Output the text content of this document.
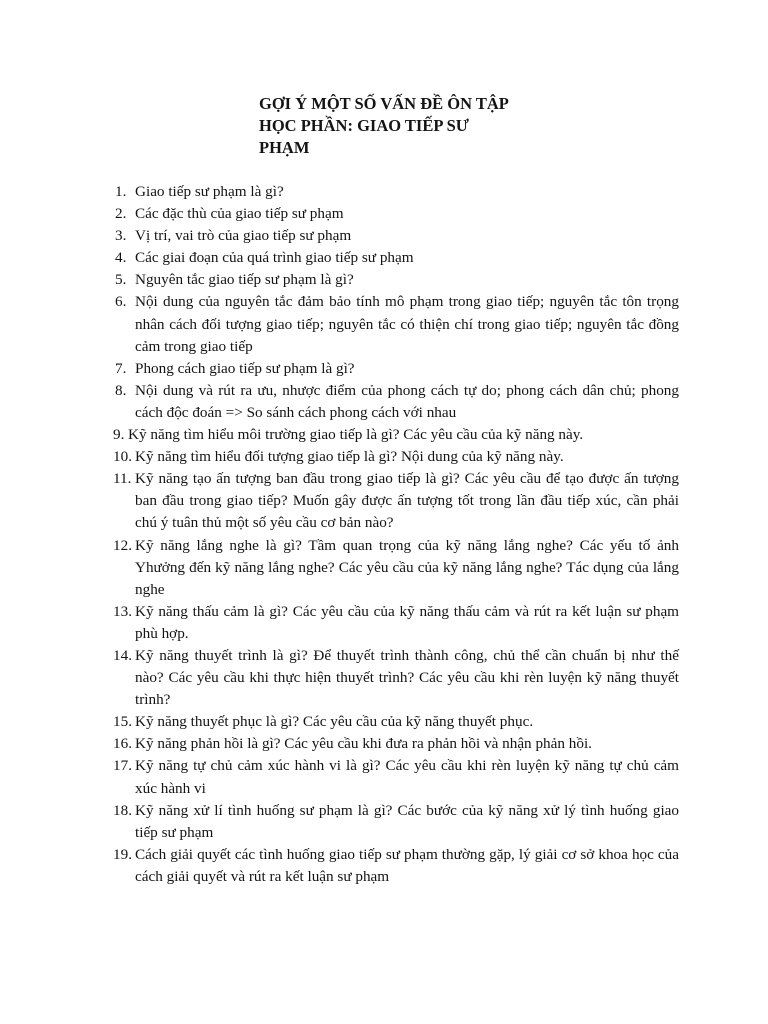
GỢI Ý MỘT SỐ VẤN ĐỀ ÔN TẬP
HỌC PHẦN: GIAO TIẾP SƯ
PHẠM
1. Giao tiếp sư phạm là gì?
2. Các đặc thù của giao tiếp sư phạm
3. Vị trí, vai trò của giao tiếp sư phạm
4. Các giai đoạn của quá trình giao tiếp sư phạm
5. Nguyên tắc giao tiếp sư phạm là gì?
6. Nội dung của nguyên tắc đảm bảo tính mô phạm trong giao tiếp; nguyên tắc tôn trọng nhân cách đối tượng giao tiếp; nguyên tắc có thiện chí trong giao tiếp; nguyên tắc đồng cảm trong giao tiếp
7. Phong cách giao tiếp sư phạm là gì?
8. Nội dung và rút ra ưu, nhược điểm của phong cách tự do; phong cách dân chủ; phong cách độc đoán => So sánh cách phong cách với nhau
9. Kỹ năng tìm hiểu môi trường giao tiếp là gì? Các yêu cầu của kỹ năng này.
10. Kỹ năng tìm hiểu đối tượng giao tiếp là gì? Nội dung của kỹ năng này.
11. Kỹ năng tạo ấn tượng ban đầu trong giao tiếp là gì? Các yêu cầu để tạo được ấn tượng ban đầu trong giao tiếp? Muốn gây được ấn tượng tốt trong lần đầu tiếp xúc, cần phải chú ý tuân thủ một số yêu cầu cơ bản nào?
12. Kỹ năng lắng nghe là gì? Tầm quan trọng của kỹ năng lắng nghe? Các yếu tố ảnh Yhưởng đến kỹ năng lắng nghe? Các yêu cầu của kỹ năng lắng nghe? Tác dụng của lắng nghe
13. Kỹ năng thấu cảm là gì? Các yêu cầu của kỹ năng thấu cảm và rút ra kết luận sư phạm phù hợp.
14. Kỹ năng thuyết trình là gì? Để thuyết trình thành công, chủ thể cần chuẩn bị như thế nào? Các yêu cầu khi thực hiện thuyết trình? Các yêu cầu khi rèn luyện kỹ năng thuyết trình?
15. Kỹ năng thuyết phục là gì? Các yêu cầu của kỹ năng thuyết phục.
16. Kỹ năng phản hồi là gì? Các yêu cầu khi đưa ra phản hồi và nhận phản hồi.
17. Kỹ năng tự chủ cảm xúc hành vi là gì? Các yêu cầu khi rèn luyện kỹ năng tự chủ cảm xúc hành vi
18. Kỹ năng xử lí tình huống sư phạm là gì? Các bước của kỹ năng xử lý tình huống giao tiếp sư phạm
19. Cách giải quyết các tình huống giao tiếp sư phạm thường gặp, lý giải cơ sở khoa học của cách giải quyết và rút ra kết luận sư phạm
